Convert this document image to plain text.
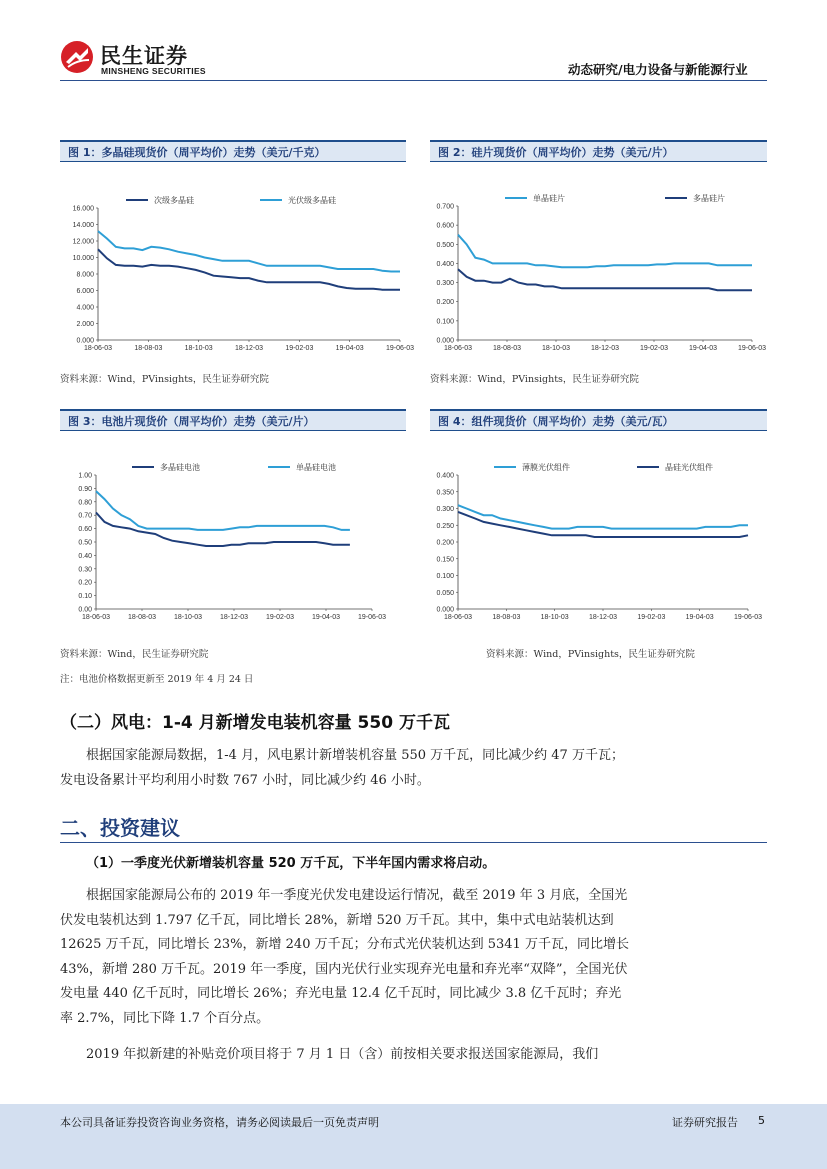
民生证券
MINSHENG SECURITIES	动态研究/电力设备与新能源行业
图 1：多晶硅现货价（周平均价）走势（美元/千克）
次级多晶硅	光伏级多晶硅
16.000
14.000
12.000
10.000
8.000
6.000
4.000
2.000
0.000
18-06-03	18-08-03	18-10-03	18-12-03	19-02-03	19-04-03	19-06-03
资料来源：Wind，PVinsights，民生证券研究院
图 2：硅片现货价（周平均价）走势（美元/片）
单晶硅片	多晶硅片
0.700
0.600
0.500
0.400
0.300
0.200
0.100
0.000
18-06-03	18-08-03	18-10-03	18-12-03	19-02-03	19-04-03	19-06-03
资料来源：Wind，PVinsights，民生证券研究院
图 3：电池片现货价（周平均价）走势（美元/片）
多晶硅电池	单晶硅电池
1.00
0.90
0.80
0.70
0.60
0.50
0.40
0.30
0.20
0.10
0.00
18-06-03	18-08-03	18-10-03	18-12-03	19-02-03	19-04-03	19-06-03
资料来源：Wind，民生证券研究院
图 4：组件现货价（周平均价）走势（美元/瓦）
薄膜光伏组件	晶硅光伏组件
0.400
0.350
0.300
0.250
0.200
0.150
0.100
0.050
0.000
18-06-03	18-08-03	18-10-03	18-12-03	19-02-03	19-04-03	19-06-03
资料来源：Wind，PVinsights，民生证券研究院
注：电池价格数据更新至 2019 年 4 月 24 日
（二）风电：1-4 月新增发电装机容量 550 万千瓦
根据国家能源局数据，1-4 月，风电累计新增装机容量 550 万千瓦，同比减少约 47 万千瓦；发电设备累计平均利用小时数 767 小时，同比减少约 46 小时。
二、投资建议
（1）一季度光伏新增装机容量 520 万千瓦，下半年国内需求将启动。
根据国家能源局公布的 2019 年一季度光伏发电建设运行情况，截至 2019 年 3 月底，全国光伏发电装机达到 1.797 亿千瓦，同比增长 28%，新增 520 万千瓦。其中，集中式电站装机达到 12625 万千瓦，同比增长 23%，新增 240 万千瓦；分布式光伏装机达到 5341 万千瓦，同比增长 43%，新增 280 万千瓦。2019 年一季度，国内光伏行业实现弃光电量和弃光率“双降”，全国光伏发电量 440 亿千瓦时，同比增长 26%；弃光电量 12.4 亿千瓦时，同比减少 3.8 亿千瓦时；弃光率 2.7%，同比下降 1.7 个百分点。
2019 年拟新建的补贴竞价项目将于 7 月 1 日（含）前按相关要求报送国家能源局，我们
本公司具备证券投资咨询业务资格，请务必阅读最后一页免责声明	证券研究报告 5
